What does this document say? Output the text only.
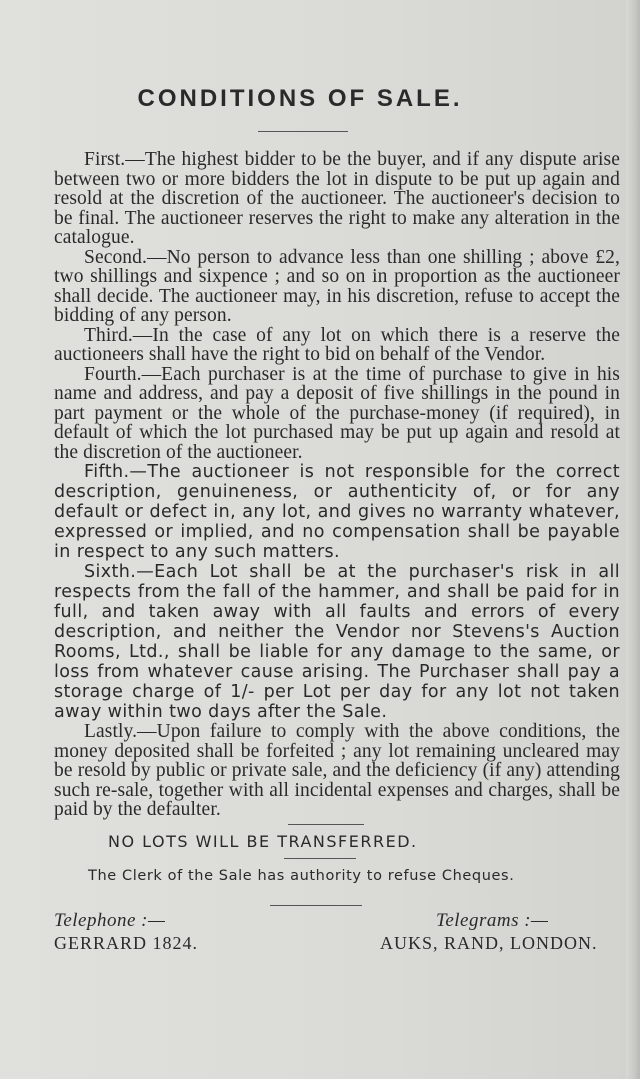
CONDITIONS OF SALE.

First.—The highest bidder to be the buyer, and if any dispute arise between two or more bidders the lot in dispute to be put up again and resold at the discretion of the auctioneer. The auctioneer's decision to be final. The auctioneer reserves the right to make any alteration in the catalogue.

Second.—No person to advance less than one shilling ; above £2, two shillings and sixpence ; and so on in proportion as the auctioneer shall decide. The auctioneer may, in his discretion, refuse to accept the bidding of any person.

Third.—In the case of any lot on which there is a reserve the auctioneers shall have the right to bid on behalf of the Vendor.

Fourth.—Each purchaser is at the time of purchase to give in his name and address, and pay a deposit of five shillings in the pound in part payment or the whole of the purchase-money (if required), in default of which the lot purchased may be put up again and resold at the discretion of the auctioneer.

Fifth.—The auctioneer is not responsible for the correct description, genuineness, or authenticity of, or for any default or defect in, any lot, and gives no warranty whatever, expressed or implied, and no compensation shall be payable in respect to any such matters.

Sixth.—Each Lot shall be at the purchaser's risk in all respects from the fall of the hammer, and shall be paid for in full, and taken away with all faults and errors of every description, and neither the Vendor nor Stevens's Auction Rooms, Ltd., shall be liable for any damage to the same, or loss from whatever cause arising. The Purchaser shall pay a storage charge of 1/- per Lot per day for any lot not taken away within two days after the Sale.

Lastly.—Upon failure to comply with the above conditions, the money deposited shall be forfeited ; any lot remaining uncleared may be resold by public or private sale, and the deficiency (if any) attending such re-sale, together with all incidental expenses and charges, shall be paid by the defaulter.

NO LOTS WILL BE TRANSFERRED.
The Clerk of the Sale has authority to refuse Cheques.
Telephone :—
GERRARD 1824.
Telegrams :—
AUKS, RAND, LONDON.
